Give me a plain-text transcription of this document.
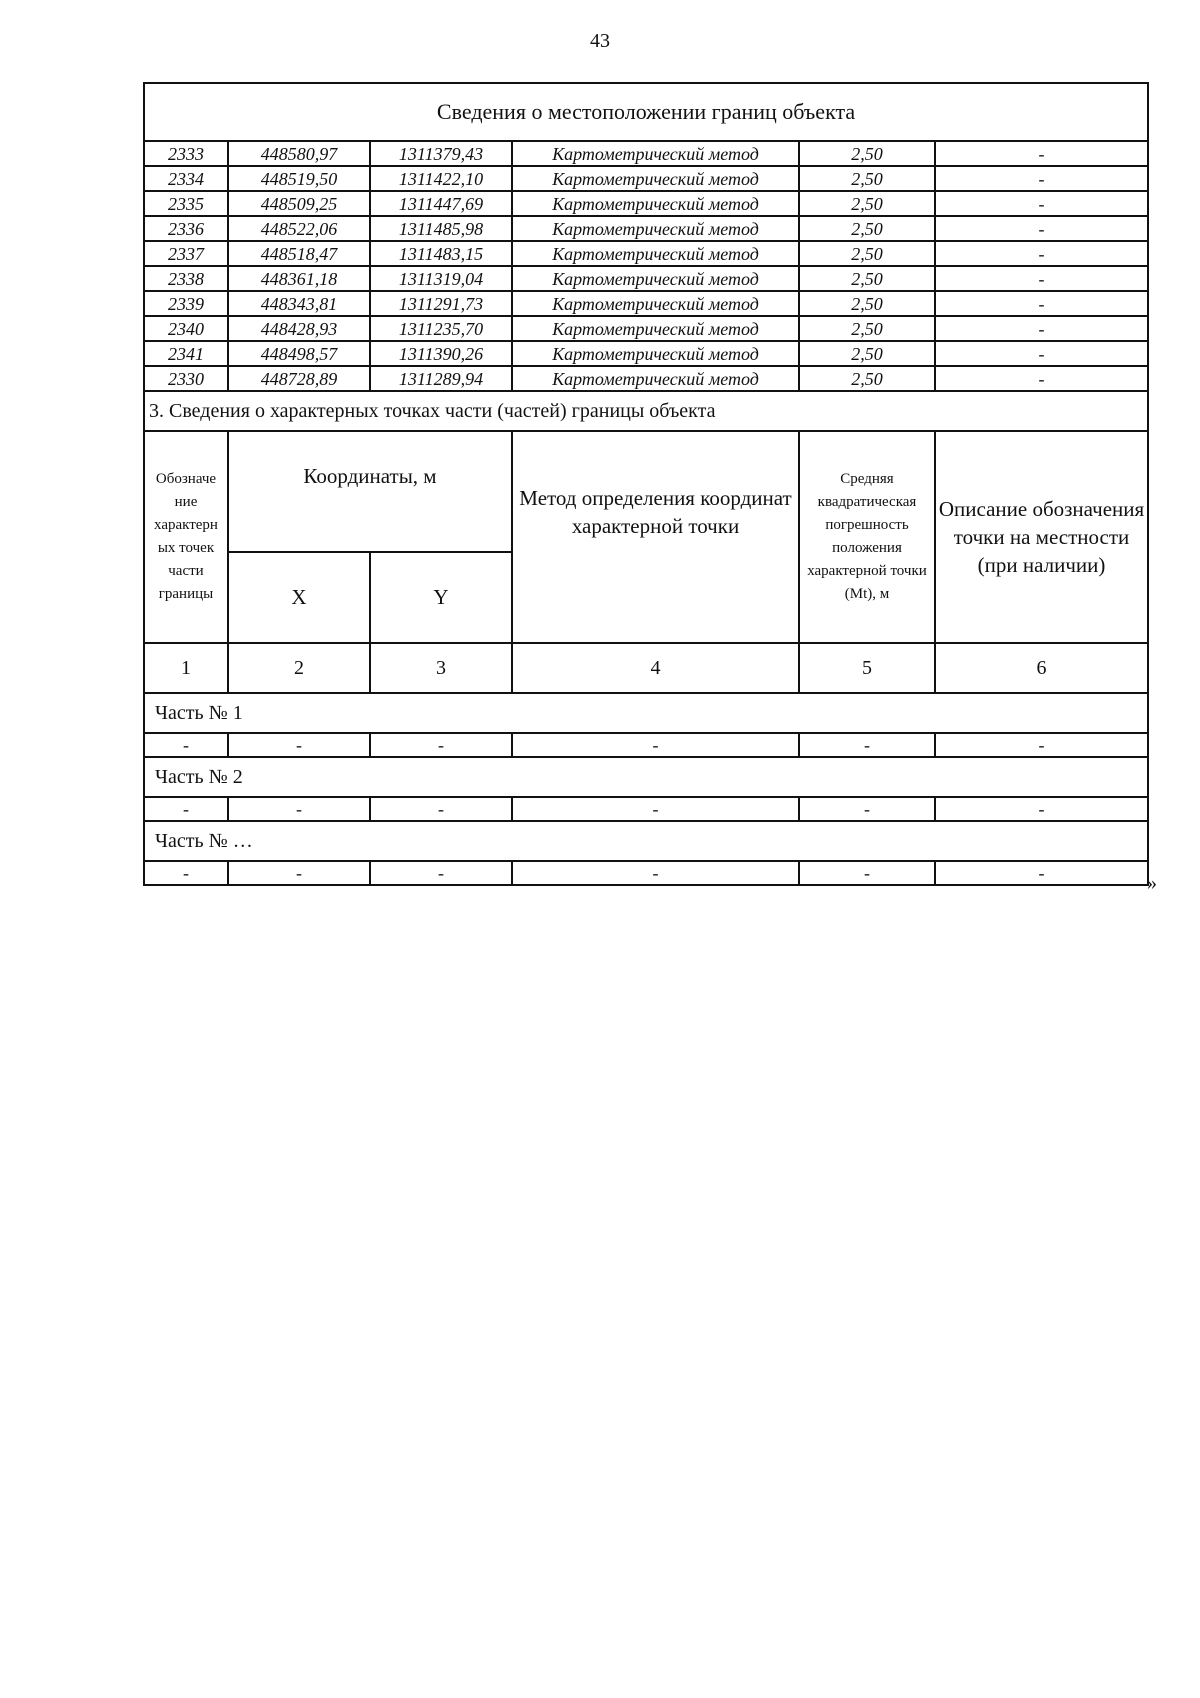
43
Сведения о местоположении границ объекта					
2333	448580,97	1311379,43	Картометрический метод	2,50	-
2334	448519,50	1311422,10	Картометрический метод	2,50	-
2335	448509,25	1311447,69	Картометрический метод	2,50	-
2336	448522,06	1311485,98	Картометрический метод	2,50	-
2337	448518,47	1311483,15	Картометрический метод	2,50	-
2338	448361,18	1311319,04	Картометрический метод	2,50	-
2339	448343,81	1311291,73	Картометрический метод	2,50	-
2340	448428,93	1311235,70	Картометрический метод	2,50	-
2341	448498,57	1311390,26	Картометрический метод	2,50	-
2330	448728,89	1311289,94	Картометрический метод	2,50	-
3. Сведения о характерных точках части (частей) границы объекта					
Обозначе ние характерн ых точек части границы	Координаты, м		Метод определения координат характерной точки	Средняя квадратическая погрешность положения характерной точки (Mt), м	Описание обозначения точки на местности (при наличии)
	X	Y			
1	2	3	4	5	6
Часть № 1					
-	-	-	-	-	-
Часть № 2					
-	-	-	-	-	-
Часть № …					
-	-	-	-	-	-	»
